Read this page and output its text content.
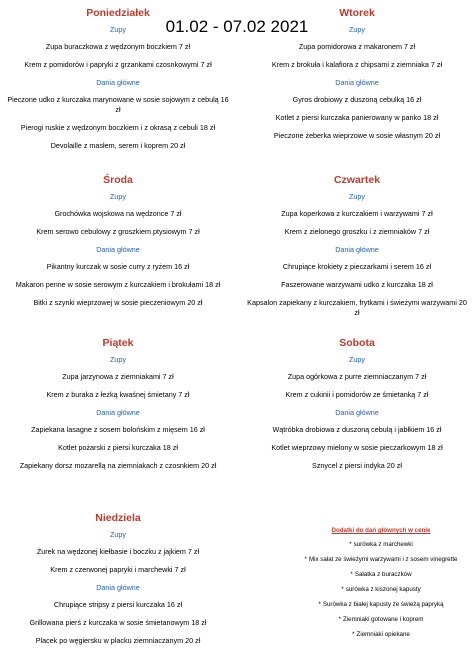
01.02 - 07.02 2021
Poniedziałek
Zupy
Zupa buraczkowa z wędzonym boczkiem 7 zł
Krem z pomidorów i papryki z grzankami czosnkowymi 7 zł
Dania główne
Pieczone udko z kurczaka marynowane w sosie sojowym z cebulą 16 zł
Pierogi ruskie z wędzonym boczkiem i z okrasą z cebuli 18 zł
Devolaille z masłem, serem i koprem 20 zł
Wtorek
Zupy
Zupa pomidorowa z makaronem 7 zł
Krem z brokuła i kalafiora z chipsami z ziemniaka 7 zł
Dania główne
Gyros drobiowy z duszoną cebulką 16 zł
Kotlet z piersi kurczaka panierowany w panko 18 zł
Pieczone żeberka wieprzowe w sosie własnym 20 zł
Środa
Zupy
Grochówka wojskowa na wędzonce 7 zł
Krem serowo cebulowy z groszkiem ptysiowym 7 zł
Dania główne
Pikantny kurczak w sosie curry z ryżem 16 zł
Makaron penne w sosie serowym z kurczakiem i brokułami 18 zł
Bitki z szynki wieprzowej w sosie pieczeniowym 20 zł
Czwartek
Zupy
Zupa koperkowa z kurczakiem i warzywami 7 zł
Krem z zielonego groszku i z ziemniaków 7 zł
Dania główne
Chrupiące krokiety z pieczarkami i serem 16 zł
Faszerowane warzywami udko z kurczaka 18 zł
Kapsalon zapiekany z kurczakiem, frytkami i świeżymi warzywami 20 zł
Piątek
Zupy
Zupa jarzynowa z ziemniakami 7 zł
Krem z buraka z łezką kwaśnej śmietany 7 zł
Dania główne
Zapiekana lasagne z sosem bolońskim z mięsem 16 zł
Kotlet pożarski z piersi kurczaka 18 zł
Zapiekany dorsz mozarellą na ziemniakach z czosnkiem 20 zł
Sobota
Zupy
Zupa ogórkowa z purre ziemniaczanym 7 zł
Krem z cukinii i pomidorów ze śmietanką 7 zł
Dania główne
Wątróbka drobiowa z duszoną cebulą i jabłkiem 16 zł
Kotlet wieprzowy mielony w sosie pieczarkowym 18 zł
Sznycel z piersi indyka 20 zł
Niedziela
Zupy
Żurek na wędzonej kiełbasie i boczku z jajkiem 7 zł
Krem z czerwonej papryki i marchewki 7 zł
Dania główne
Chrupiące stripsy z piersi kurczaka 16 zł
Grillowana pierś z kurczaka w sosie śmietanowym 18 zł
Placek po węgiersku w placku ziemniaczanym 20 zł
Dodatki do dań głównych w cenie
* surówka z marchewki
* Mix sałat ze świeżymi warzywami i z sosem vinegrette
* Sałatka z buraczków
* surówka z kiszonej kapusty
* Surówka z białej kapusty ze świeżą papryką
* Ziemniaki gotowane i koprem
* Ziemniaki opiekane
